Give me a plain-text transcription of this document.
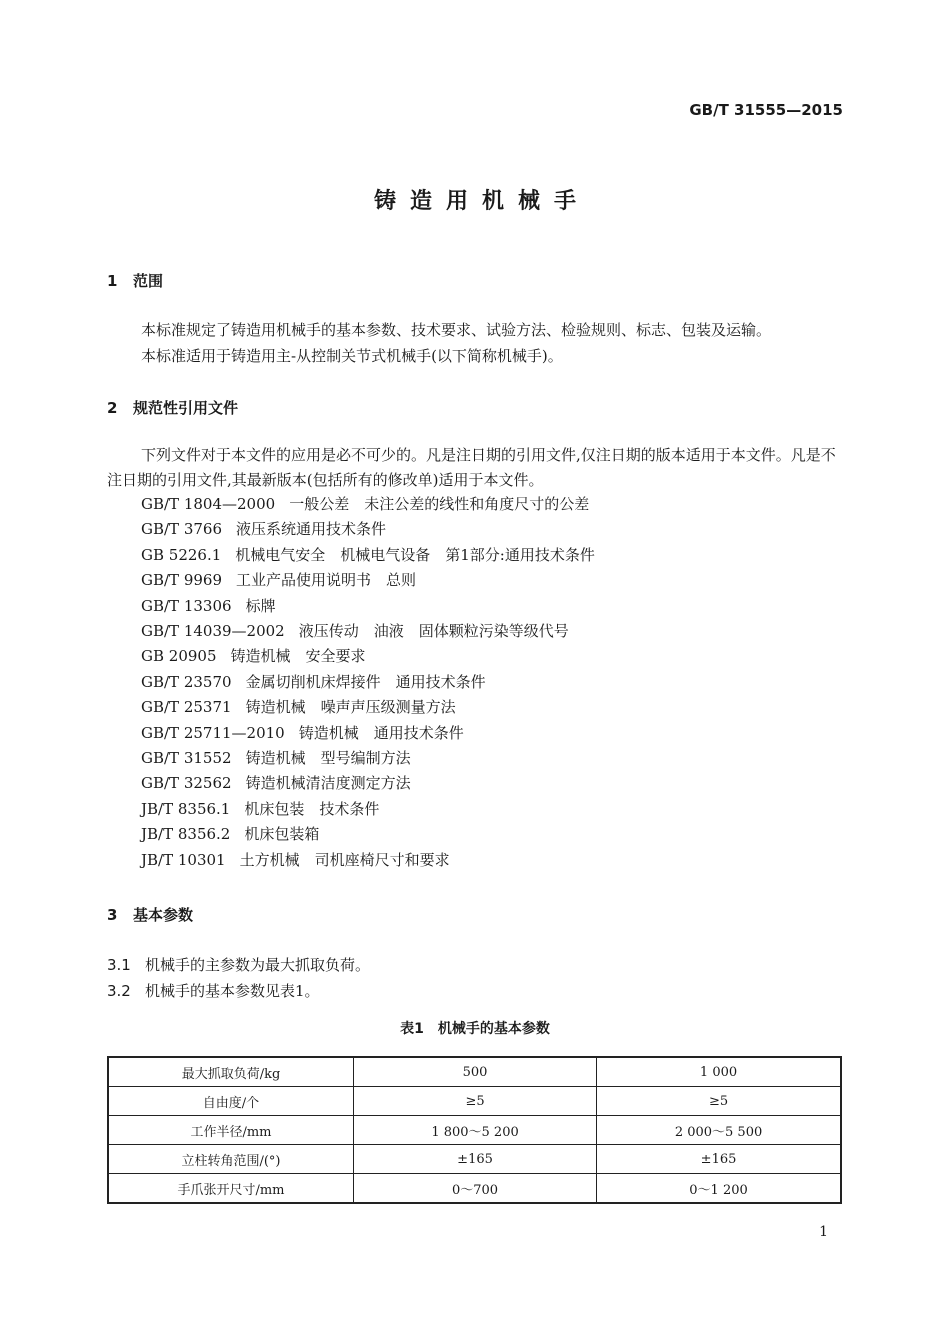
GB/T 31555—2015
铸造用机械手
1 范围
本标准规定了铸造用机械手的基本参数、技术要求、试验方法、检验规则、标志、包装及运输。
本标准适用于铸造用主-从控制关节式机械手(以下简称机械手)。
2 规范性引用文件
下列文件对于本文件的应用是必不可少的。凡是注日期的引用文件,仅注日期的版本适用于本文件。凡是不注日期的引用文件,其最新版本(包括所有的修改单)适用于本文件。
GB/T 1804—2000 一般公差　未注公差的线性和角度尺寸的公差
GB/T 3766 液压系统通用技术条件
GB 5226.1 机械电气安全　机械电气设备　第1部分:通用技术条件
GB/T 9969 工业产品使用说明书　总则
GB/T 13306 标牌
GB/T 14039—2002 液压传动　油液　固体颗粒污染等级代号
GB 20905 铸造机械　安全要求
GB/T 23570 金属切削机床焊接件　通用技术条件
GB/T 25371 铸造机械　噪声声压级测量方法
GB/T 25711—2010 铸造机械　通用技术条件
GB/T 31552 铸造机械　型号编制方法
GB/T 32562 铸造机械清洁度测定方法
JB/T 8356.1 机床包装　技术条件
JB/T 8356.2 机床包装箱
JB/T 10301 土方机械　司机座椅尺寸和要求
3 基本参数
3.1 机械手的主参数为最大抓取负荷。
3.2 机械手的基本参数见表1。
表1　机械手的基本参数
最大抓取负荷/kg	500	1 000
自由度/个	≥5	≥5
工作半径/mm	1 800～5 200	2 000～5 500
立柱转角范围/(°)	±165	±165
手爪张开尺寸/mm	0～700	0～1 200
1
